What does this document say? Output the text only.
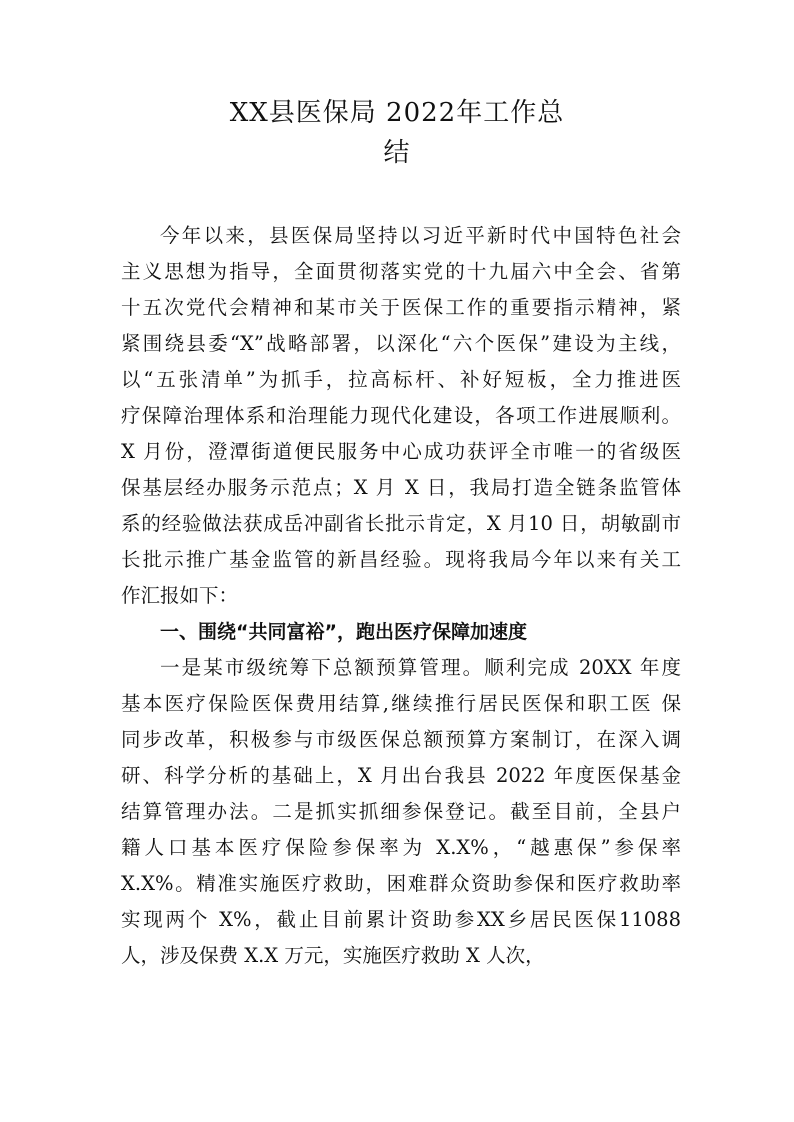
XX县医保局 2022年工作总
结
今年以来，县医保局坚持以习近平新时代中国特色社会
主义思想为指导，全面贯彻落实党的十九届六中全会、省第
十五次党代会精神和某市关于医保工作的重要指示精神，紧
紧围绕县委“X”战略部署，以深化“六个医保”建设为主线，
以“五张清单”为抓手，拉高标杆、补好短板，全力推进医
疗保障治理体系和治理能力现代化建设，各项工作进展顺利。
X 月份，澄潭街道便民服务中心成功获评全市唯一的省级医
保基层经办服务示范点；X 月 X 日，我局打造全链条监管体
系的经验做法获成岳冲副省长批示肯定，X 月10 日，胡敏副市
长批示推广基金监管的新昌经验。现将我局今年以来有关工
作汇报如下：
一、围绕“共同富裕”，跑出医疗保障加速度
一是某市级统筹下总额预算管理。顺利完成 20XX 年度
基本医疗保险医保费用结算,继续推行居民医保和职工医 保
同步改革，积极参与市级医保总额预算方案制订，在深入调
研、科学分析的基础上，X 月出台我县 2022 年度医保基金
结算管理办法。二是抓实抓细参保登记。截至目前，全县户
籍人口基本医疗保险参保率为 X.X%，“越惠保”参保率
X.X%。精准实施医疗救助，困难群众资助参保和医疗救助率
实现两个 X%，截止目前累计资助参XX乡居民医保11088
人，涉及保费 X.X 万元，实施医疗救助 X 人次，
